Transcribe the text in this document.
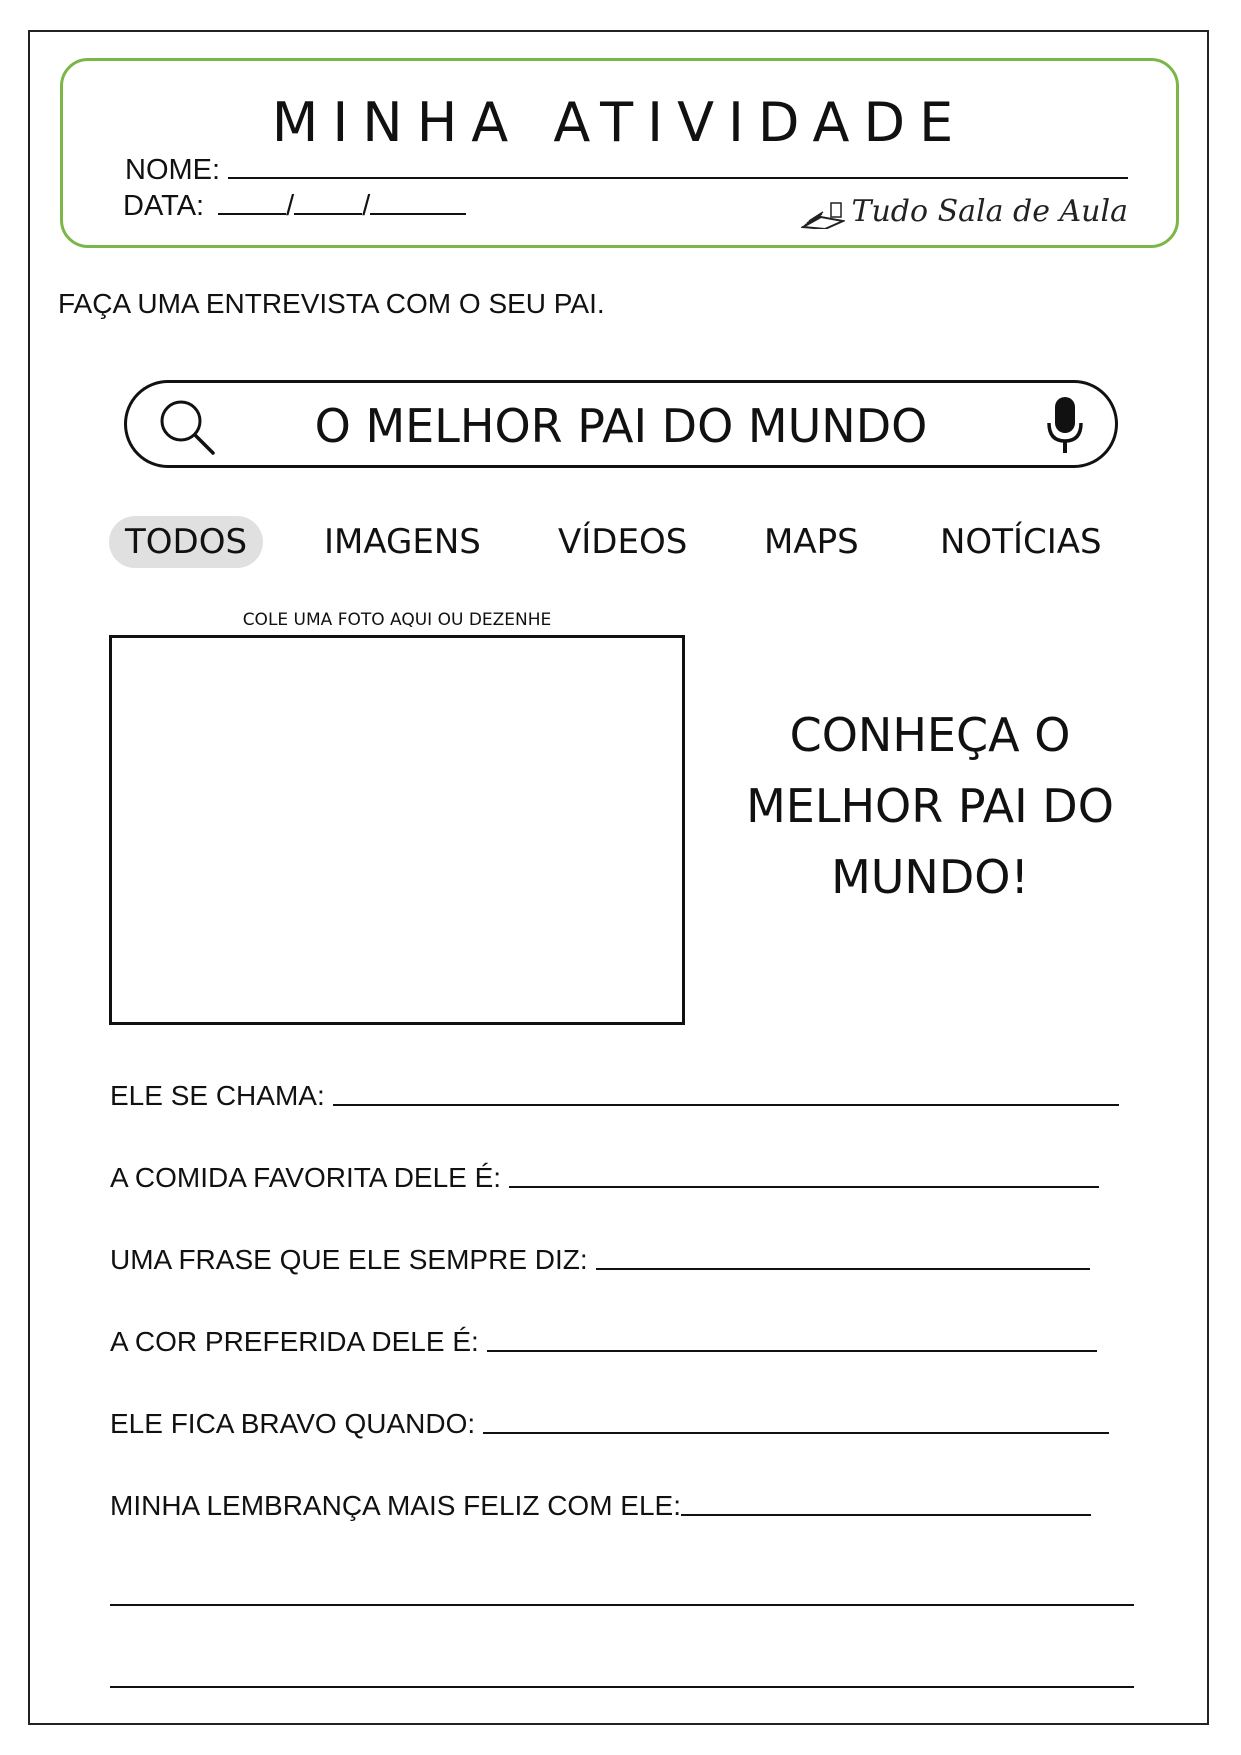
MINHA ATIVIDADE
NOME:
DATA:	/ /	Tudo Sala de Aula
FAÇA UMA ENTREVISTA COM O SEU PAI.
O MELHOR PAI DO MUNDO
TODOS	IMAGENS	VÍDEOS	MAPS	NOTÍCIAS
COLE UMA FOTO AQUI OU DEZENHE
CONHEÇA O
MELHOR PAI DO
MUNDO!
ELE SE CHAMA:
A COMIDA FAVORITA DELE É:
UMA FRASE QUE ELE SEMPRE DIZ:
A COR PREFERIDA DELE É:
ELE FICA BRAVO QUANDO:
MINHA LEMBRANÇA MAIS FELIZ COM ELE:
